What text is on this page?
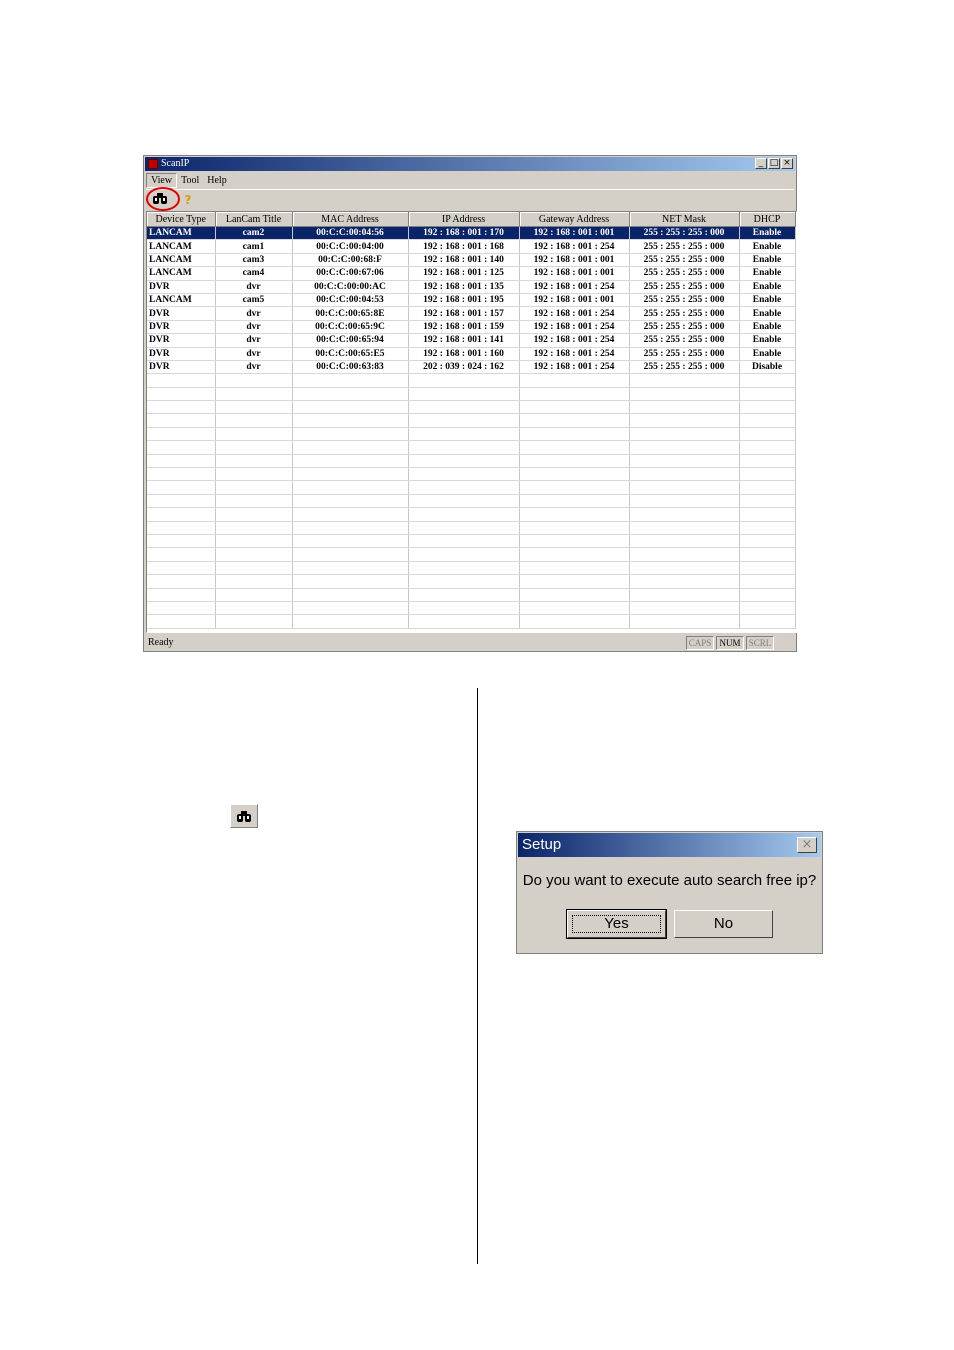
ScanIP	_ □ ×
View Tool Help
?
Device Type	LanCam Title	MAC Address	IP Address	Gateway Address	NET Mask	DHCP
LANCAM	cam2	00:C:C:00:04:56	192 : 168 : 001 : 170	192 : 168 : 001 : 001	255 : 255 : 255 : 000	Enable
LANCAM	cam1	00:C:C:00:04:00	192 : 168 : 001 : 168	192 : 168 : 001 : 254	255 : 255 : 255 : 000	Enable
LANCAM	cam3	00:C:C:00:68:F	192 : 168 : 001 : 140	192 : 168 : 001 : 001	255 : 255 : 255 : 000	Enable
LANCAM	cam4	00:C:C:00:67:06	192 : 168 : 001 : 125	192 : 168 : 001 : 001	255 : 255 : 255 : 000	Enable
DVR	dvr	00:C:C:00:00:AC	192 : 168 : 001 : 135	192 : 168 : 001 : 254	255 : 255 : 255 : 000	Enable
LANCAM	cam5	00:C:C:00:04:53	192 : 168 : 001 : 195	192 : 168 : 001 : 001	255 : 255 : 255 : 000	Enable
DVR	dvr	00:C:C:00:65:8E	192 : 168 : 001 : 157	192 : 168 : 001 : 254	255 : 255 : 255 : 000	Enable
DVR	dvr	00:C:C:00:65:9C	192 : 168 : 001 : 159	192 : 168 : 001 : 254	255 : 255 : 255 : 000	Enable
DVR	dvr	00:C:C:00:65:94	192 : 168 : 001 : 141	192 : 168 : 001 : 254	255 : 255 : 255 : 000	Enable
DVR	dvr	00:C:C:00:65:E5	192 : 168 : 001 : 160	192 : 168 : 001 : 254	255 : 255 : 255 : 000	Enable
DVR	dvr	00:C:C:00:63:83	202 : 039 : 024 : 162	192 : 168 : 001 : 254	255 : 255 : 255 : 000	Disable

Ready	CAPS NUM SCRL
Setup	×
Do you want to execute auto search free ip?
Yes	No
